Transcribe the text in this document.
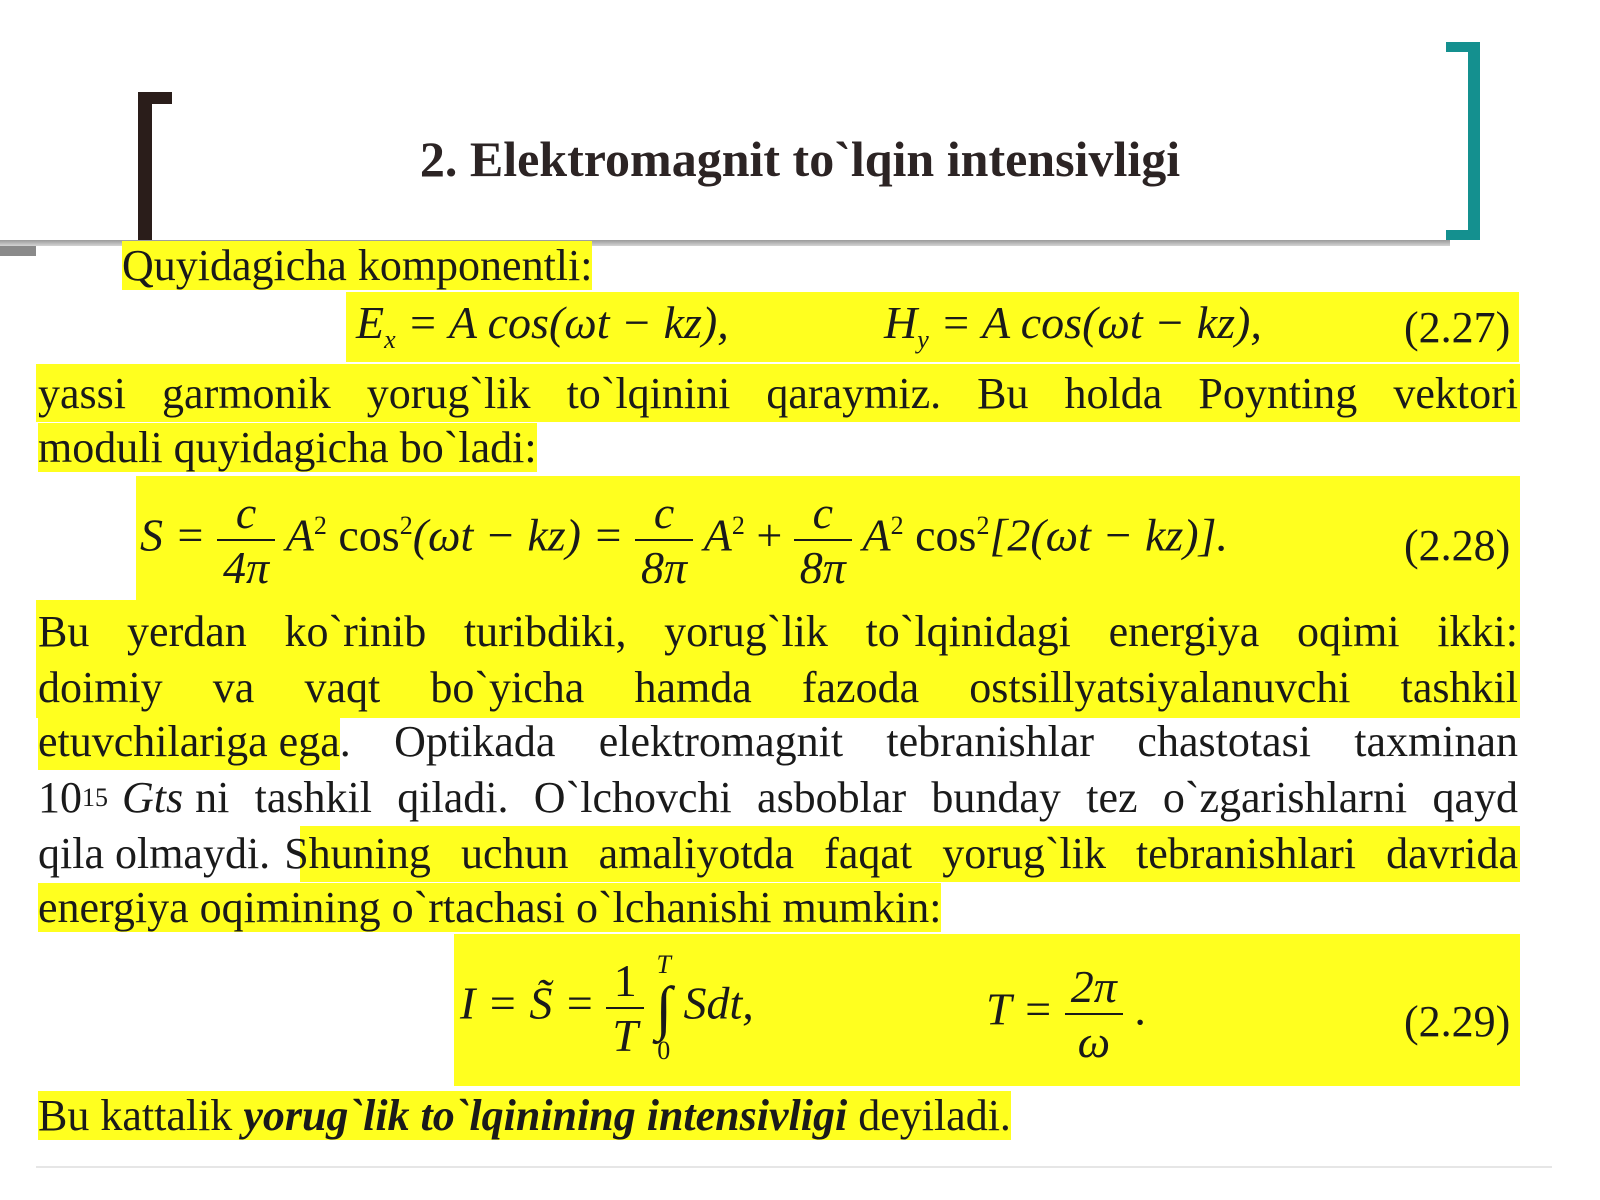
2. Elektromagnit to`lqin intensivligi
Quyidagicha komponentli:
$E_x = A$ cos(ωt − kz),	$H_y = A$ cos(ωt − kz),	(2.27)
yassi garmonik yorug`lik to`lqinini qaraymiz. Bu holda Poynting vektori
moduli quyidagicha bo`ladi:
$S = \frac{c}{4\pi} A^2$ $\cos^2(\omega t - kz) = \frac{c}{8\pi} A^2 + \frac{c}{8\pi} A^2$ $\cos^2[2(\omega t - kz)]$.	(2.28)
Bu yerdan ko`rinib turibdiki, yorug`lik to`lqinidagi energiya oqimi ikki:
doimiy va vaqt bo`yicha hamda fazoda ostsillyatsiyalanuvchi tashkil
etuvchilariga ega . Optikada elektromagnit tebranishlar chastotasi taxminan
10 15 Gts ni tashkil qiladi. O`lchovchi asboblar bunday tez o`zgarishlarni qayd
qila olmaydi. Shuning uchun amaliyotda faqat yorug`lik tebranishlari davrida
energiya oqimining o`rtachasi o`lchanishi mumkin:
I = S̃ = $\frac{1}{T}$
T
∫
0
Sdt,	$T = \frac{2\pi}{\omega}$ .	(2.29)
Bu kattalik yorug`lik to`lqinining intensivligi deyiladi.
